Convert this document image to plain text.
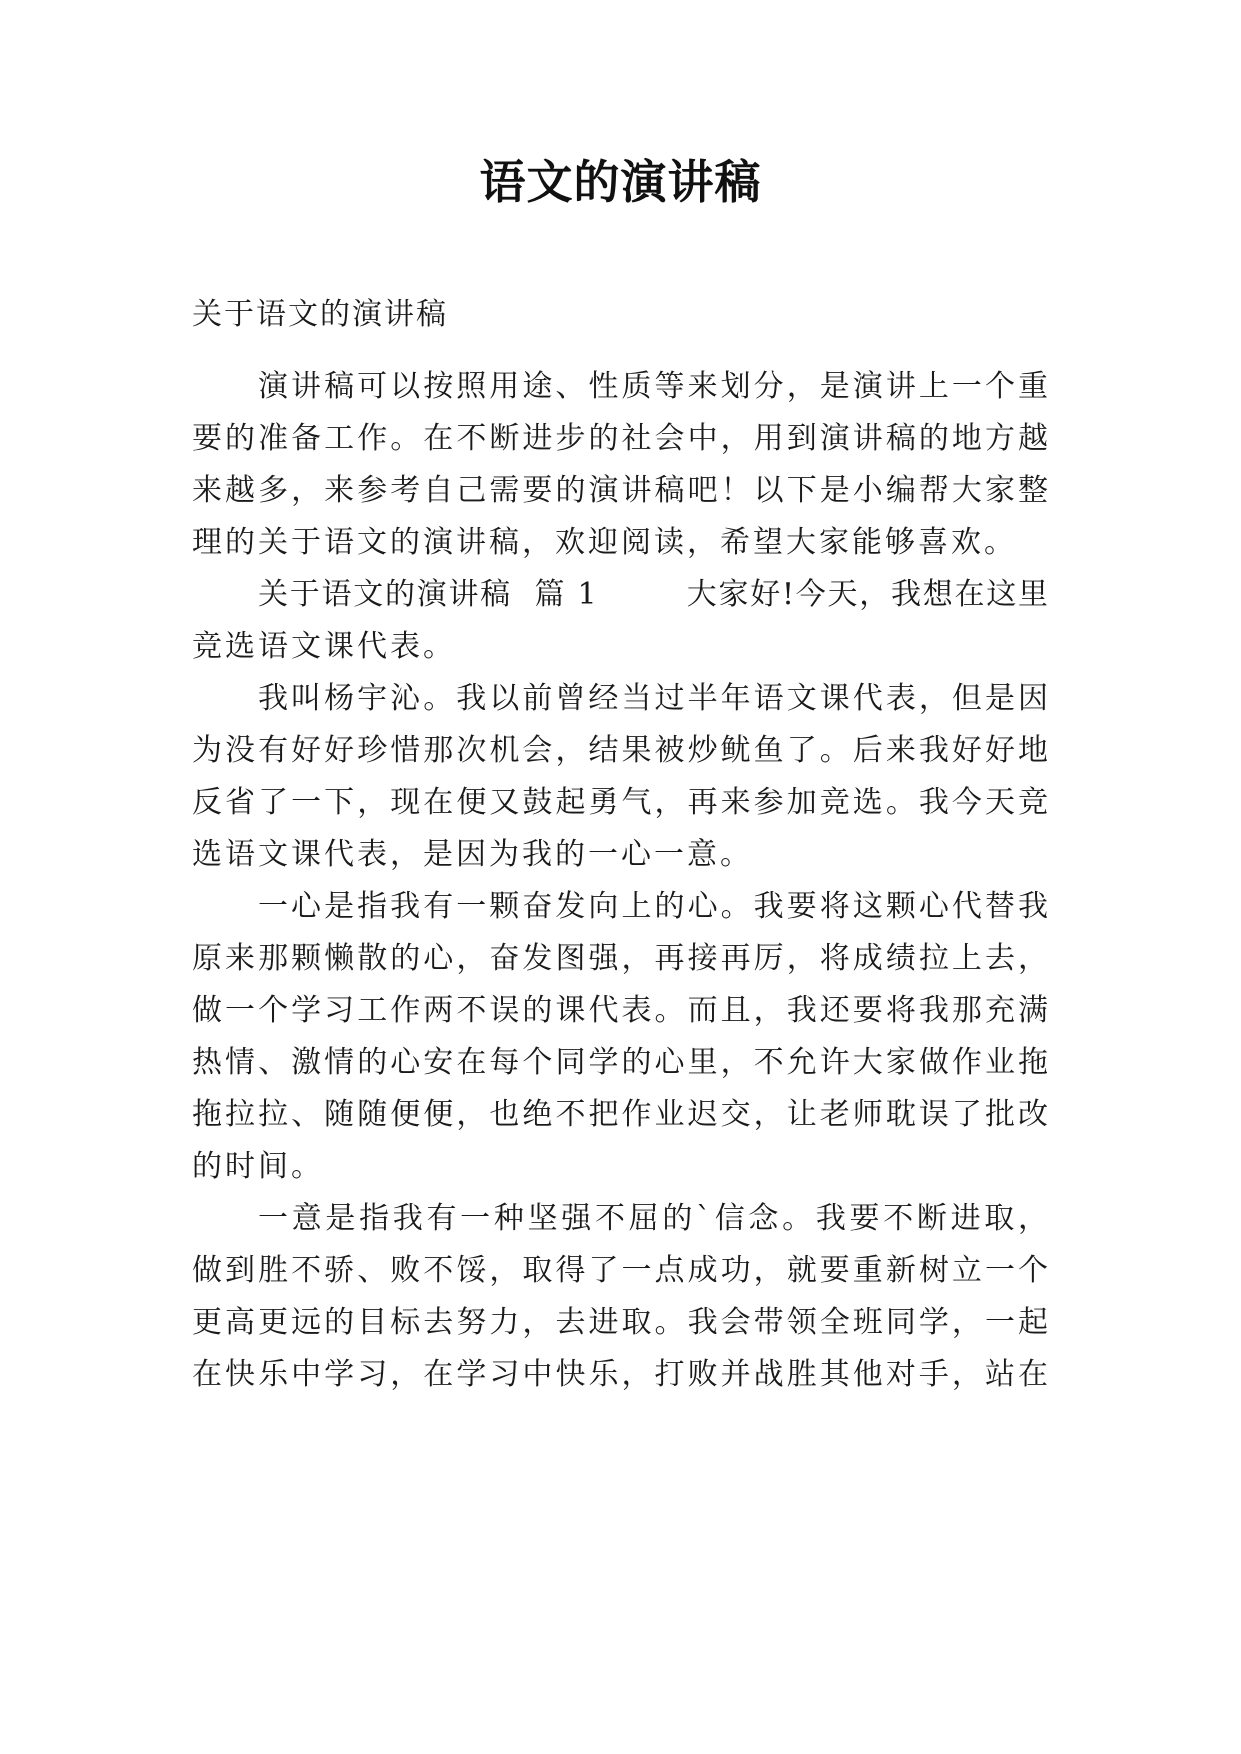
语文的演讲稿
关于语文的演讲稿
演讲稿可以按照用途、性质等来划分，是演讲上一个重
要的准备工作。在不断进步的社会中，用到演讲稿的地方越
来越多，来参考自己需要的演讲稿吧！以下是小编帮大家整
理的关于语文的演讲稿，欢迎阅读，希望大家能够喜欢。
关于语文的演讲稿  篇 1        大家好!今天，我想在这里
竞选语文课代表。
我叫杨宇沁。我以前曾经当过半年语文课代表，但是因
为没有好好珍惜那次机会，结果被炒鱿鱼了。后来我好好地
反省了一下，现在便又鼓起勇气，再来参加竞选。我今天竞
选语文课代表，是因为我的一心一意。
一心是指我有一颗奋发向上的心。我要将这颗心代替我
原来那颗懒散的心，奋发图强，再接再厉，将成绩拉上去，
做一个学习工作两不误的课代表。而且，我还要将我那充满
热情、激情的心安在每个同学的心里，不允许大家做作业拖
拖拉拉、随随便便，也绝不把作业迟交，让老师耽误了批改
的时间。
一意是指我有一种坚强不屈的`信念。我要不断进取，
做到胜不骄、败不馁，取得了一点成功，就要重新树立一个
更高更远的目标去努力，去进取。我会带领全班同学，一起
在快乐中学习，在学习中快乐，打败并战胜其他对手，站在
